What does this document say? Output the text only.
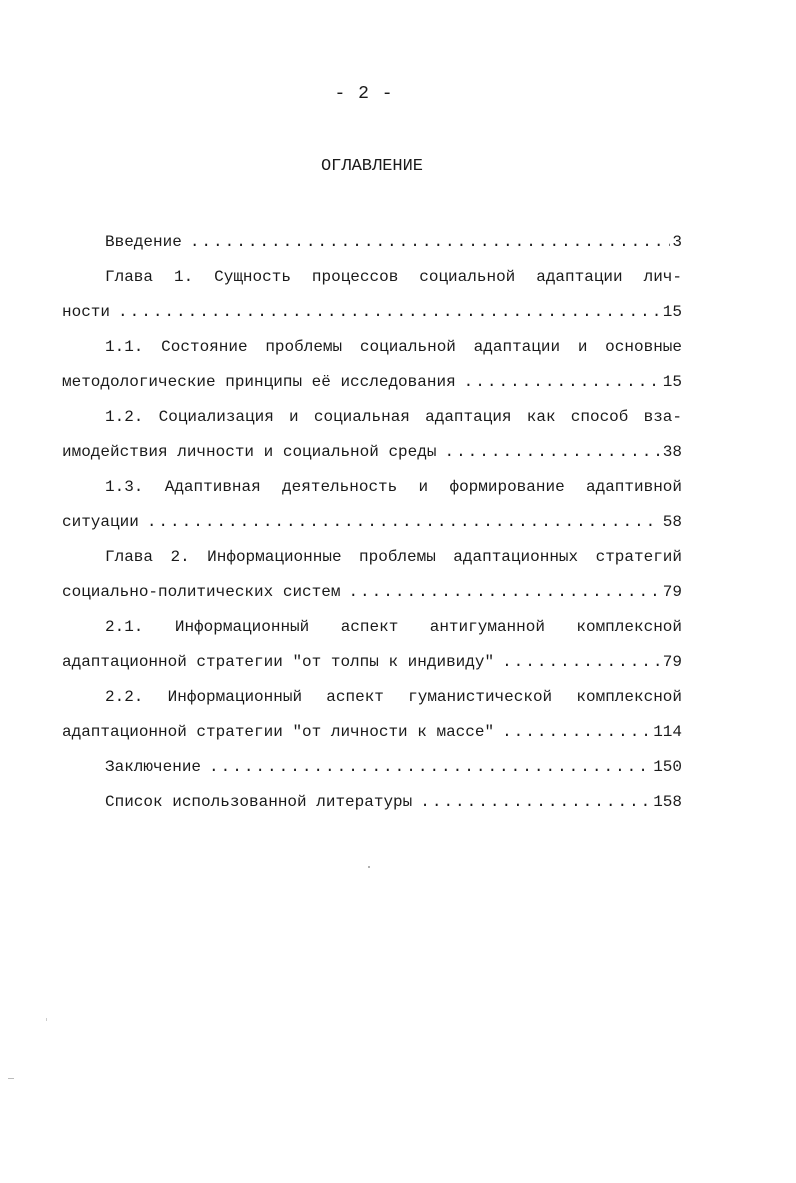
- 2 -
ОГЛАВЛЕНИЕ
Введение .....	3
Глава 1. Сущность процессов социальной адаптации лич-
ности .....	15
1.1. Состояние проблемы социальной адаптации и основные
методологические принципы её исследования .....	15
1.2. Социализация и социальная адаптация как способ вза-
имодействия личности и социальной среды .....	38
1.3. Адаптивная деятельность и формирование адаптивной
ситуации .....	58
Глава 2. Информационные проблемы адаптационных стратегий
социально-политических систем .....	79
2.1. Информационный аспект антигуманной комплексной
адаптационной стратегии "от толпы к индивиду" .....	79
2.2. Информационный аспект гуманистической комплексной
адаптационной стратегии "от личности к массе" .....	114
Заключение .....	150
Список использованной литературы .....	158
